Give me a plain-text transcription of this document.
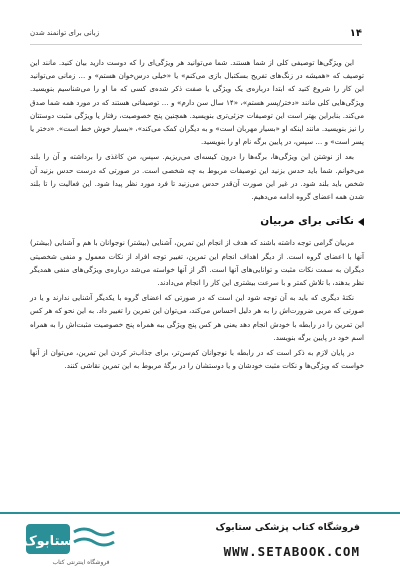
۱۴
زبانی برای توانمند شدن

این ویژگی‌ها توصیفی کلی از شما هستند. شما می‌توانید هر ویژگی‌ای را که دوست دارید بیان کنید. مانند این توصیف که «همیشه در زنگ‌های تفریح بسکتبال بازی می‌کنم» یا «خیلی درس‌خوان هستم» و … زمانی می‌توانید این کار را شروع کنید که ابتدا درباره‌ی یک ویژگی یا صفت ذکر شده‌ی کسی که ما او را می‌شناسیم بنویسید. ویژگی‌هایی کلی مانند «دختر/پسر هستم»، «۱۴ سال سن دارم» و … توصیفاتی هستند که در مورد همه شما صدق می‌کند. بنابراین بهتر است این توصیفات جزئی‌تری بنویسید. همچنین پنج خصوصیت، رفتار یا ویژگی مثبت دوستتان را نیز بنویسید. مانند اینکه او «بسیار مهربان است» و به دیگران کمک می‌کند»، «بسیار خوش خط است». «دختر یا پسر است» و … سپس، در پایین برگه نام او را بنویسید.

بعد از نوشتن این ویژگی‌ها، برگه‌ها را درون کیسه‌ای می‌ریزیم. سپس، من کاغذی را برداشته و آن را بلند می‌خوانم. شما باید حدس بزنید این توصیفات مربوط به چه شخصی است. در صورتی که درست حدس بزنید آن شخص باید بلند شود. در غیر این صورت آن‌قدر حدس می‌زنید تا فرد مورد نظر پیدا شود. این فعالیت را تا بلند شدن همه اعضای گروه ادامه می‌دهیم.

نکاتی برای مربیان

مربیان گرامی توجه داشته باشند که هدف از انجام این تمرین، آشنایی (بیشتر) نوجوانان با هم و آشنایی (بیشتر) آنها با اعضای گروه است. از دیگر اهداف انجام این تمرین، تغییر توجه افراد از نکات معمول و منفی شخصیتی دیگران به سمت نکات مثبت و توانایی‌های آنها است. اگر از آنها خواسته می‌شد درباره‌ی ویژگی‌های منفی همدیگر نظر بدهند، با تلاش کمتر و با سرعت بیشتری این کار را انجام می‌دادند.

نکتۀ دیگری که باید به آن توجه شود این است که در صورتی که اعضای گروه با یکدیگر آشنایی ندارند و یا در صورتی که مربی ضرورت‌اش را به هر دلیل احساس می‌کند، می‌توان این تمرین را تغییر داد. به این نحو که هر کس این تمرین را در رابطه با خودش انجام دهد یعنی هر کس پنج ویژگی ببه همراه پنج خصوصیت مثبت‌اش را به همراه اسم خود در پایین برگه بنویسد.

در پایان لازم به ذکر است که در رابطه با نوجوانان کم‌سن‌تر، برای جذاب‌تر کردن این تمرین، می‌توان از آنها خواست که ویژگی‌ها و نکات مثبت خودشان و یا دوستشان را در برگۀ مربوط به این تمرین نقاشی کنند.

ستابوک
فروشگاه اینترنتی کتاب
فروشگاه کتاب پزشکی ستابوک
WWW.SETABOOK.COM
